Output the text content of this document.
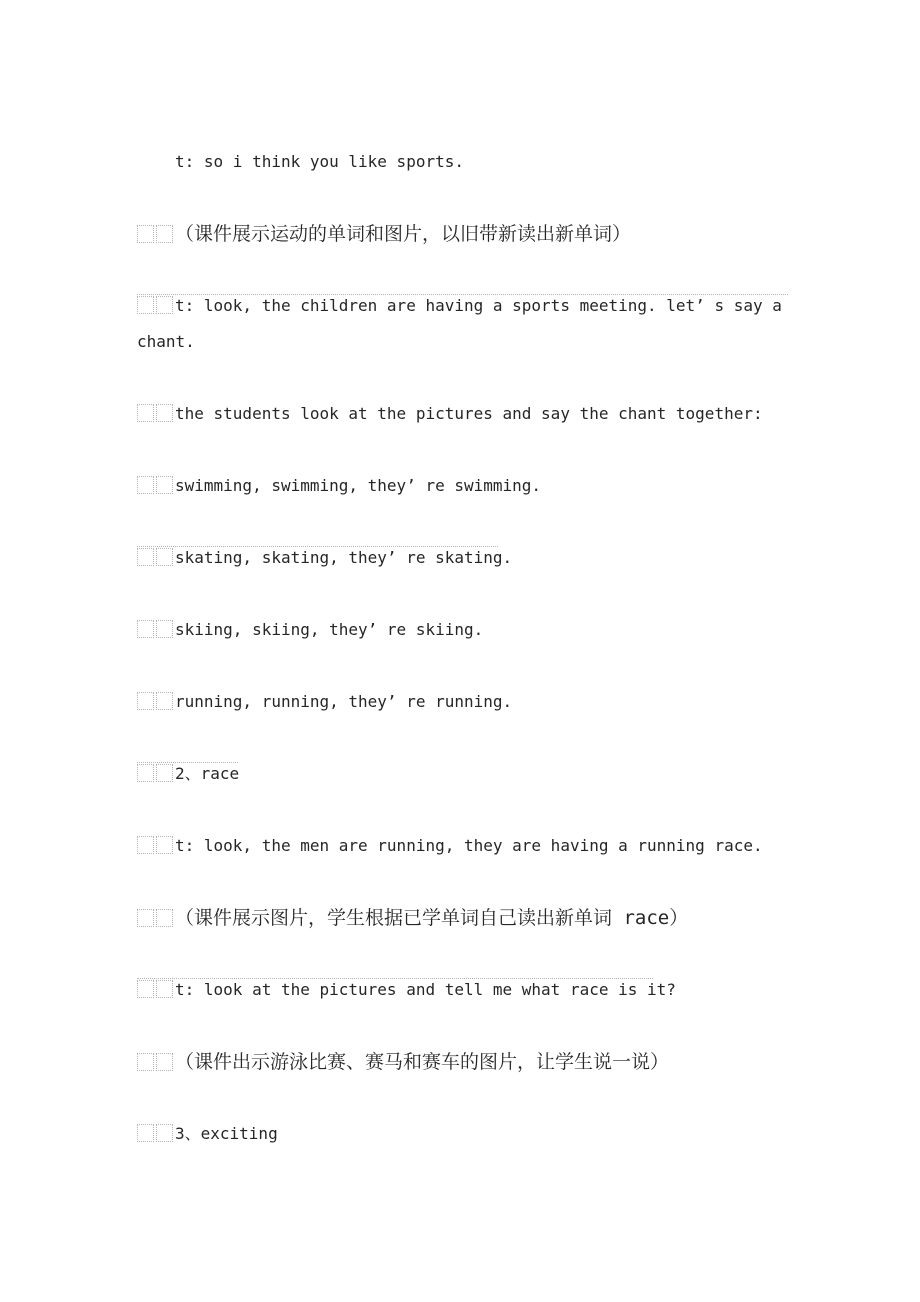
t: so i think you like sports.

（课件展示运动的单词和图片，以旧带新读出新单词）

t: look, the children are having a sports meeting. let’ s say a chant.

the students look at the pictures and say the chant together:

swimming, swimming, they’ re swimming.

skating, skating, they’ re skating.

skiing, skiing, they’ re skiing.

running, running, they’ re running.

2、race

t: look, the men are running, they are having a running race.

（课件展示图片，学生根据已学单词自己读出新单词 race）

t: look at the pictures and tell me what race is it?

（课件出示游泳比赛、赛马和赛车的图片，让学生说一说）

3、exciting
